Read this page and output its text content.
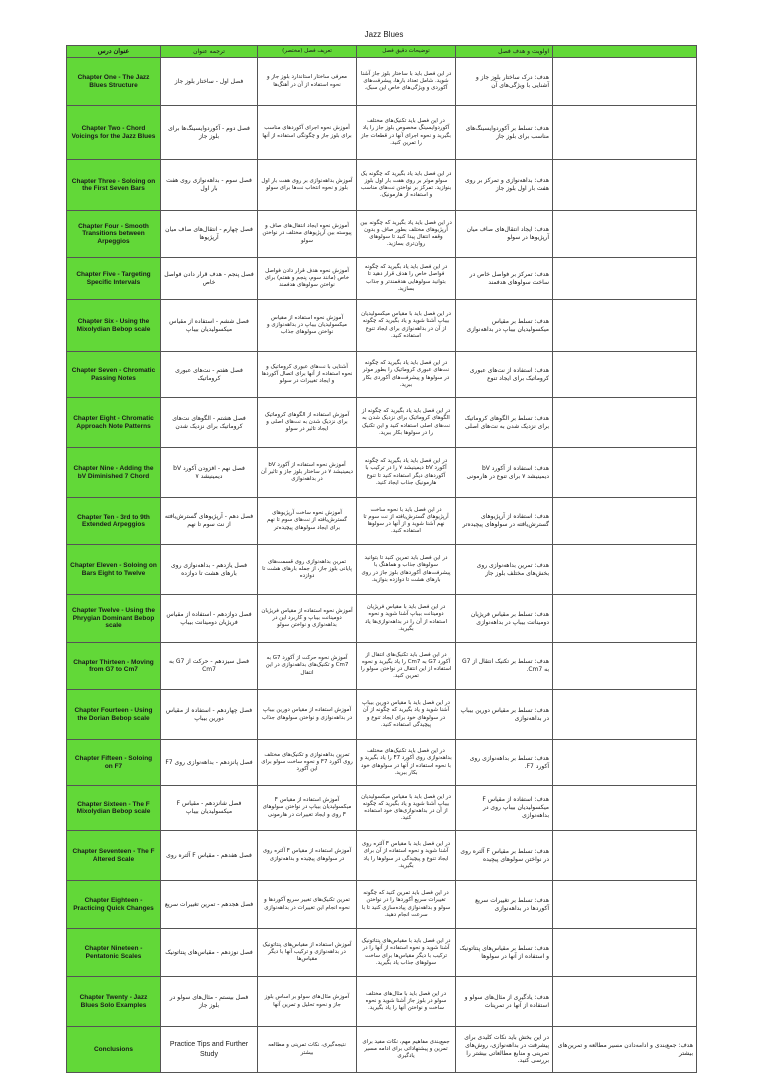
Jazz Blues
عنوان درس	ترجمه عنوان	تعریف فصل (مختصر)	توضیحات دقیق فصل	اولویت و هدف فصل	
Chapter One - The Jazz Blues Structure	فصل اول - ساختار بلوز جاز	معرفی ساختار استاندارد بلوز جاز و نحوه استفاده از آن در آهنگ‌ها	در این فصل باید با ساختار بلوز جاز آشنا شوید. شامل تعداد بارها، پیشرفت‌های آکوردی و ویژگی‌های خاص این سبک.	هدف: درک ساختار بلوز جاز و آشنایی با ویژگی‌های آن	
Chapter Two - Chord Voicings for the Jazz Blues	فصل دوم - آکوردوایسینگ‌ها برای بلوز جاز	آموزش نحوه اجرای آکوردهای مناسب برای بلوز جاز و چگونگی استفاده از آنها	در این فصل باید تکنیک‌های مختلف آکوردوایسینگ مخصوص بلوز جاز را یاد بگیرید و نحوه اجرای آنها در قطعات جاز را تمرین کنید.	هدف: تسلط بر آکوردوایسینگ‌های مناسب برای بلوز جاز	
Chapter Three - Soloing on the First Seven Bars	فصل سوم - بداهه‌نوازی روی هفت بار اول	آموزش بداهه‌نوازی بر روی هفت بار اول بلوز و نحوه انتخاب نت‌ها برای سولو	در این فصل باید یاد بگیرید که چگونه یک سولو موثر بر روی هفت بار اول بلوز بنوازید. تمرکز بر نواختن نت‌های مناسب و استفاده از هارمونیک.	هدف: بداهه‌نوازی و تمرکز بر روی هفت بار اول بلوز جاز	
Chapter Four - Smooth Transitions between Arpeggios	فصل چهارم - انتقال‌های صاف میان آرپژیوها	آموزش نحوه ایجاد انتقال‌های صاف و پیوسته بین آرپژیوهای مختلف در نواختن سولو	در این فصل باید یاد بگیرید که چگونه بین آرپژیوهای مختلف بطور صاف و بدون وقفه انتقال پیدا کنید تا سولوهای روان‌تری بسازید.	هدف: ایجاد انتقال‌های صاف میان آرپژیوها در سولو	
Chapter Five - Targeting Specific Intervals	فصل پنجم - هدف قرار دادن فواصل خاص	آموزش نحوه هدف قرار دادن فواصل خاص (مانند سوم، پنجم و هفتم) برای نواختن سولوهای هدفمند	در این فصل باید یاد بگیرید که چگونه فواصل خاص را هدف قرار دهید تا بتوانید سولوهایی هدفمندتر و جذاب بسازید.	هدف: تمرکز بر فواصل خاص در ساخت سولوهای هدفمند	
Chapter Six - Using the Mixolydian Bebop scale	فصل ششم - استفاده از مقیاس میکسولیدیان بیباپ	آموزش نحوه استفاده از مقیاس میکسولیدیان بیباپ در بداهه‌نوازی و نواختن سولوهای جذاب	در این فصل باید با مقیاس میکسولیدیان بیباپ آشنا شوید و یاد بگیرید که چگونه از آن در بداهه‌نوازی برای ایجاد تنوع استفاده کنید.	هدف: تسلط بر مقیاس میکسولیدیان بیباپ در بداهه‌نوازی	
Chapter Seven - Chromatic Passing Notes	فصل هفتم - نت‌های عبوری کروماتیک	آشنایی با نت‌های عبوری کروماتیک و نحوه استفاده از آنها برای اتصال آکوردها و ایجاد تغییرات در سولو	در این فصل باید یاد بگیرید که چگونه نت‌های عبوری کروماتیک را بطور موثر در سولوها و پیشرفت‌های آکوردی بکار ببرید.	هدف: استفاده از نت‌های عبوری کروماتیک برای ایجاد تنوع	
Chapter Eight - Chromatic Approach Note Patterns	فصل هشتم - الگوهای نت‌های کروماتیک برای نزدیک شدن	آموزش استفاده از الگوهای کروماتیک برای نزدیک شدن به نت‌های اصلی و ایجاد تاثیر در سولو	در این فصل باید یاد بگیرید که چگونه از الگوهای کروماتیک برای نزدیک شدن به نت‌های اصلی استفاده کنید و این تکنیک را در سولوها بکار ببرید.	هدف: تسلط بر الگوهای کروماتیک برای نزدیک شدن به نت‌های اصلی	
Chapter Nine - Adding the bV Diminished 7 Chord	فصل نهم - افزودن آکورد bV دیمینیشد ۷	آموزش نحوه استفاده از آکورد bV دیمینیشد ۷ در ساختار بلوز جاز و تاثیر آن در بداهه‌نوازی	در این فصل باید یاد بگیرید که چگونه آکورد bV دیمینیشد ۷ را در ترکیب با آکوردهای دیگر استفاده کنید تا تنوع هارمونیک جذاب ایجاد کنید.	هدف: استفاده از آکورد bV دیمینیشد ۷ برای تنوع در هارمونی	
Chapter Ten - 3rd to 9th Extended Arpeggios	فصل دهم - آرپژیوهای گسترش‌یافته از نت سوم تا نهم	آموزش نحوه ساخت آرپژیوهای گسترش‌یافته از نت‌های سوم تا نهم برای ایجاد سولوهای پیچیده‌تر	در این فصل باید با نحوه ساخت آرپژیوهای گسترش‌یافته از نت سوم تا نهم آشنا شوید و از آنها در سولوها استفاده کنید.	هدف: استفاده از آرپژیوهای گسترش‌یافته در سولوهای پیچیده‌تر	
Chapter Eleven - Soloing on Bars Eight to Twelve	فصل یازدهم - بداهه‌نوازی روی بارهای هشت تا دوازده	تمرین بداهه‌نوازی روی قسمت‌های پایانی بلوز جاز، از جمله بارهای هشت تا دوازده	در این فصل باید تمرین کنید تا بتوانید سولوهای جذاب و هماهنگ با پیشرفت‌های آکوردهای بلوز جاز در روی بارهای هشت تا دوازده بنوازید.	هدف: تمرین بداهه‌نوازی روی بخش‌های مختلف بلوز جاز	
Chapter Twelve - Using the Phrygian Dominant Bebop scale	فصل دوازدهم - استفاده از مقیاس فریژیان دومینانت بیباپ	آموزش نحوه استفاده از مقیاس فریژیان دومینانت بیباپ و کاربرد این در بداهه‌نوازی و نواختن سولو	در این فصل باید با مقیاس فریژیان دومینانت بیباپ آشنا شوید و نحوه استفاده از آن را در بداهه‌نوازی‌ها یاد بگیرید.	هدف: تسلط بر مقیاس فریژیان دومینانت بیباپ در بداهه‌نوازی	
Chapter Thirteen - Moving from G7 to Cm7	فصل سیزدهم - حرکت از G7 به Cm7	آموزش نحوه حرکت از آکورد G7 به Cm7 و تکنیک‌های بداهه‌نوازی در این انتقال	در این فصل باید تکنیک‌های انتقال از آکورد G7 به Cm7 را یاد بگیرید و نحوه استفاده از این انتقال در نواختن سولو را تمرین کنید.	هدف: تسلط بر تکنیک انتقال از G7 به Cm7.	
Chapter Fourteen - Using the Dorian Bebop scale	فصل چهاردهم - استفاده از مقیاس دورین بیباپ	آموزش استفاده از مقیاس دورین بیباپ در بداهه‌نوازی و نواختن سولوهای جذاب	در این فصل باید با مقیاس دورین بیباپ آشنا شوید و یاد بگیرید که چگونه از آن در سولوهای خود برای ایجاد تنوع و پیچیدگی استفاده کنید.	هدف: تسلط بر مقیاس دورین بیباپ در بداهه‌نوازی	
Chapter Fifteen - Soloing on F7	فصل پانزدهم - بداهه‌نوازی روی F7	تمرین بداهه‌نوازی و تکنیک‌های مختلف روی آکورد F7 و نحوه ساخت سولو برای این آکورد	در این فصل باید تکنیک‌های مختلف بداهه‌نوازی روی آکورد F7 را یاد بگیرید و با نحوه استفاده از آنها در سولوهای خود بکار ببرید.	هدف: تسلط بر بداهه‌نوازی روی آکورد F7.	
Chapter Sixteen - The F Mixolydian Bebop scale	فصل شانزدهم - مقیاس F میکسولیدیان بیباپ	آموزش استفاده از مقیاس F میکسولیدیان بیباپ در نواختن سولوهای F روی و ایجاد تغییرات در هارمونی	در این فصل باید با مقیاس میکسولیدیان بیباپ آشنا شوید و یاد بگیرید که چگونه از آن در بداهه‌نوازی‌های خود استفاده کنید.	هدف: استفاده از مقیاس F میکسولیدیان بیباپ روی در بداهه‌نوازی	
Chapter Seventeen - The F Altered Scale	فصل هفدهم - مقیاس F آلتره روی	آموزش استفاده از مقیاس F آلتره روی در سولوهای پیچیده و بداهه‌نوازی	در این فصل باید با مقیاس F آلتره روی آشنا شوید و نحوه استفاده از آن برای ایجاد تنوع و پیچیدگی در سولوها را یاد بگیرید.	هدف: تسلط بر مقیاس F آلتره روی در نواختن سولوهای پیچیده	
Chapter Eighteen - Practicing Quick Changes	فصل هجدهم - تمرین تغییرات سریع	تمرین تکنیک‌های تغییر سریع آکوردها و نحوه انجام این تغییرات در بداهه‌نوازی	در این فصل باید تمرین کنید که چگونه تغییرات سریع آکوردها را در نواختن سولو و بداهه‌نوازی پیاده‌سازی کنید تا با سرعت انجام دهید.	هدف: تسلط بر تغییرات سریع آکوردها در بداهه‌نوازی	
Chapter Nineteen - Pentatonic Scales	فصل نوزدهم - مقیاس‌های پنتاتونیک	آموزش استفاده از مقیاس‌های پنتاتونیک در بداهه‌نوازی و ترکیب آنها با دیگر مقیاس‌ها	در این فصل باید با مقیاس‌های پنتاتونیک آشنا شوید و نحوه استفاده از آنها را در ترکیب با دیگر مقیاس‌ها برای ساخت سولوهای جذاب یاد بگیرید.	هدف: تسلط بر مقیاس‌های پنتاتونیک و استفاده از آنها در سولوها	
Chapter Twenty - Jazz Blues Solo Examples	فصل بیستم - مثال‌های سولو در بلوز جاز	آموزش مثال‌های سولو بر اساس بلوز جاز و نحوه تحلیل و تمرین آنها	در این فصل باید با مثال‌های مختلف سولو در بلوز جاز آشنا شوید و نحوه ساخت و نواختن آنها را یاد بگیرید.	هدف: یادگیری از مثال‌های سولو و استفاده از آنها در تمرینات	
Conclusions	Practice Tips and Further Study	نتیجه‌گیری، نکات تمرینی و مطالعه بیشتر	جمع‌بندی مفاهیم مهم، نکات مفید برای تمرین و پیشنهاداتی برای ادامه مسیر یادگیری	در این بخش باید نکات کلیدی برای پیشرفت در بداهه‌نوازی، روش‌های تمرینی و منابع مطالعاتی بیشتر را بررسی کنید.	هدف: جمع‌بندی و ادامه‌دادن مسیر مطالعه و تمرین‌های بیشتر
